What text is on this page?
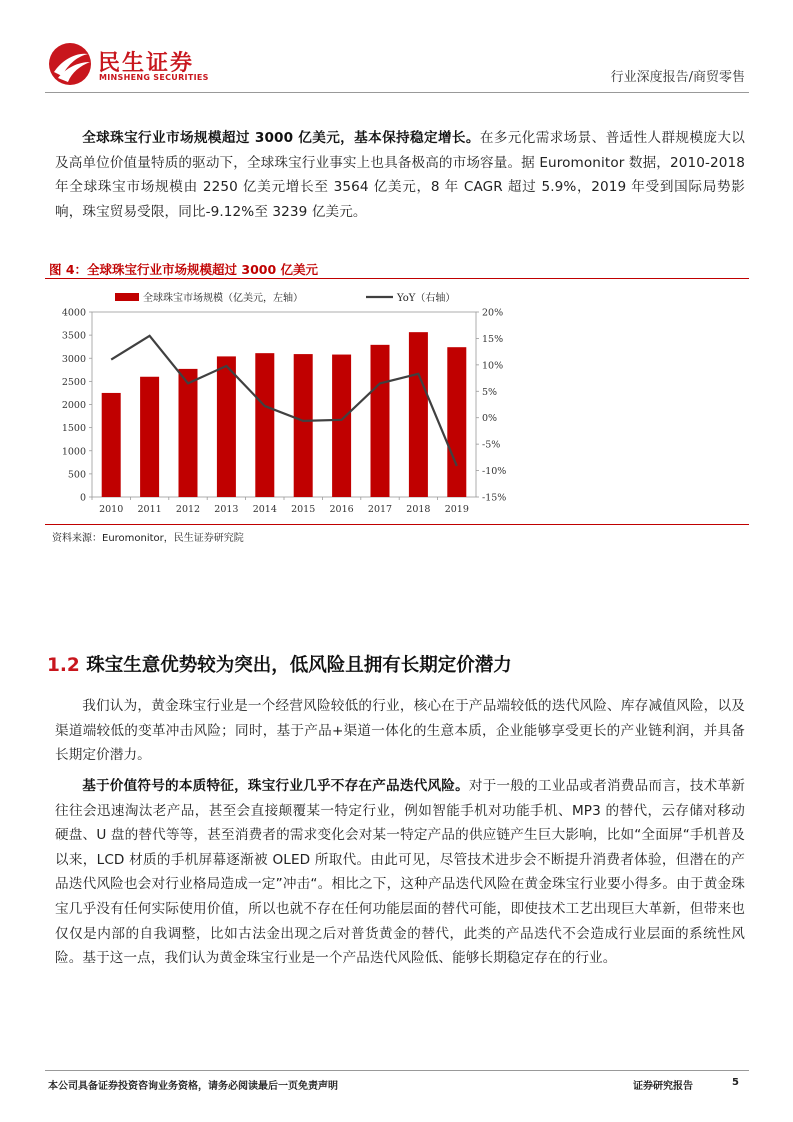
民生证券
MINSHENG SECURITIES	行业深度报告/商贸零售

全球珠宝行业市场规模超过 3000 亿美元，基本保持稳定增长。在多元化需求场景、普适性人群规模庞大以及高单位价值量特质的驱动下，全球珠宝行业事实上也具备极高的市场容量。据 Euromonitor 数据，2010-2018 年全球珠宝市场规模由 2250 亿美元增长至 3564 亿美元，8 年 CAGR 超过 5.9%，2019 年受到国际局势影响，珠宝贸易受限，同比-9.12%至 3239 亿美元。

图 4：全球珠宝行业市场规模超过 3000 亿美元
0
500
1000
1500
2000
2500
3000
3500
4000
-15%
-10%
-5%
0%
5%
10%
15%
20%
2010 2011 2012 2013 2014 2015 2016 2017 2018 2019
全球珠宝市场规模（亿美元，左轴）	YoY（右轴）
资料来源：Euromonitor，民生证券研究院
1.2 珠宝生意优势较为突出，低风险且拥有长期定价潜力

我们认为，黄金珠宝行业是一个经营风险较低的行业，核心在于产品端较低的迭代风险、库存减值风险，以及渠道端较低的变革冲击风险；同时，基于产品+渠道一体化的生意本质，企业能够享受更长的产业链利润，并具备长期定价潜力。

基于价值符号的本质特征，珠宝行业几乎不存在产品迭代风险。对于一般的工业品或者消费品而言，技术革新往往会迅速淘汰老产品，甚至会直接颠覆某一特定行业，例如智能手机对功能手机、MP3 的替代，云存储对移动硬盘、U 盘的替代等等，甚至消费者的需求变化会对某一特定产品的供应链产生巨大影响，比如“全面屏“手机普及以来，LCD 材质的手机屏幕逐渐被 OLED 所取代。由此可见，尽管技术进步会不断提升消费者体验，但潜在的产品迭代风险也会对行业格局造成一定”冲击“。相比之下，这种产品迭代风险在黄金珠宝行业要小得多。由于黄金珠宝几乎没有任何实际使用价值，所以也就不存在任何功能层面的替代可能，即使技术工艺出现巨大革新，但带来也仅仅是内部的自我调整，比如古法金出现之后对普货黄金的替代，此类的产品迭代不会造成行业层面的系统性风险。基于这一点，我们认为黄金珠宝行业是一个产品迭代风险低、能够长期稳定存在的行业。

本公司具备证券投资咨询业务资格，请务必阅读最后一页免责声明	证券研究报告	5
